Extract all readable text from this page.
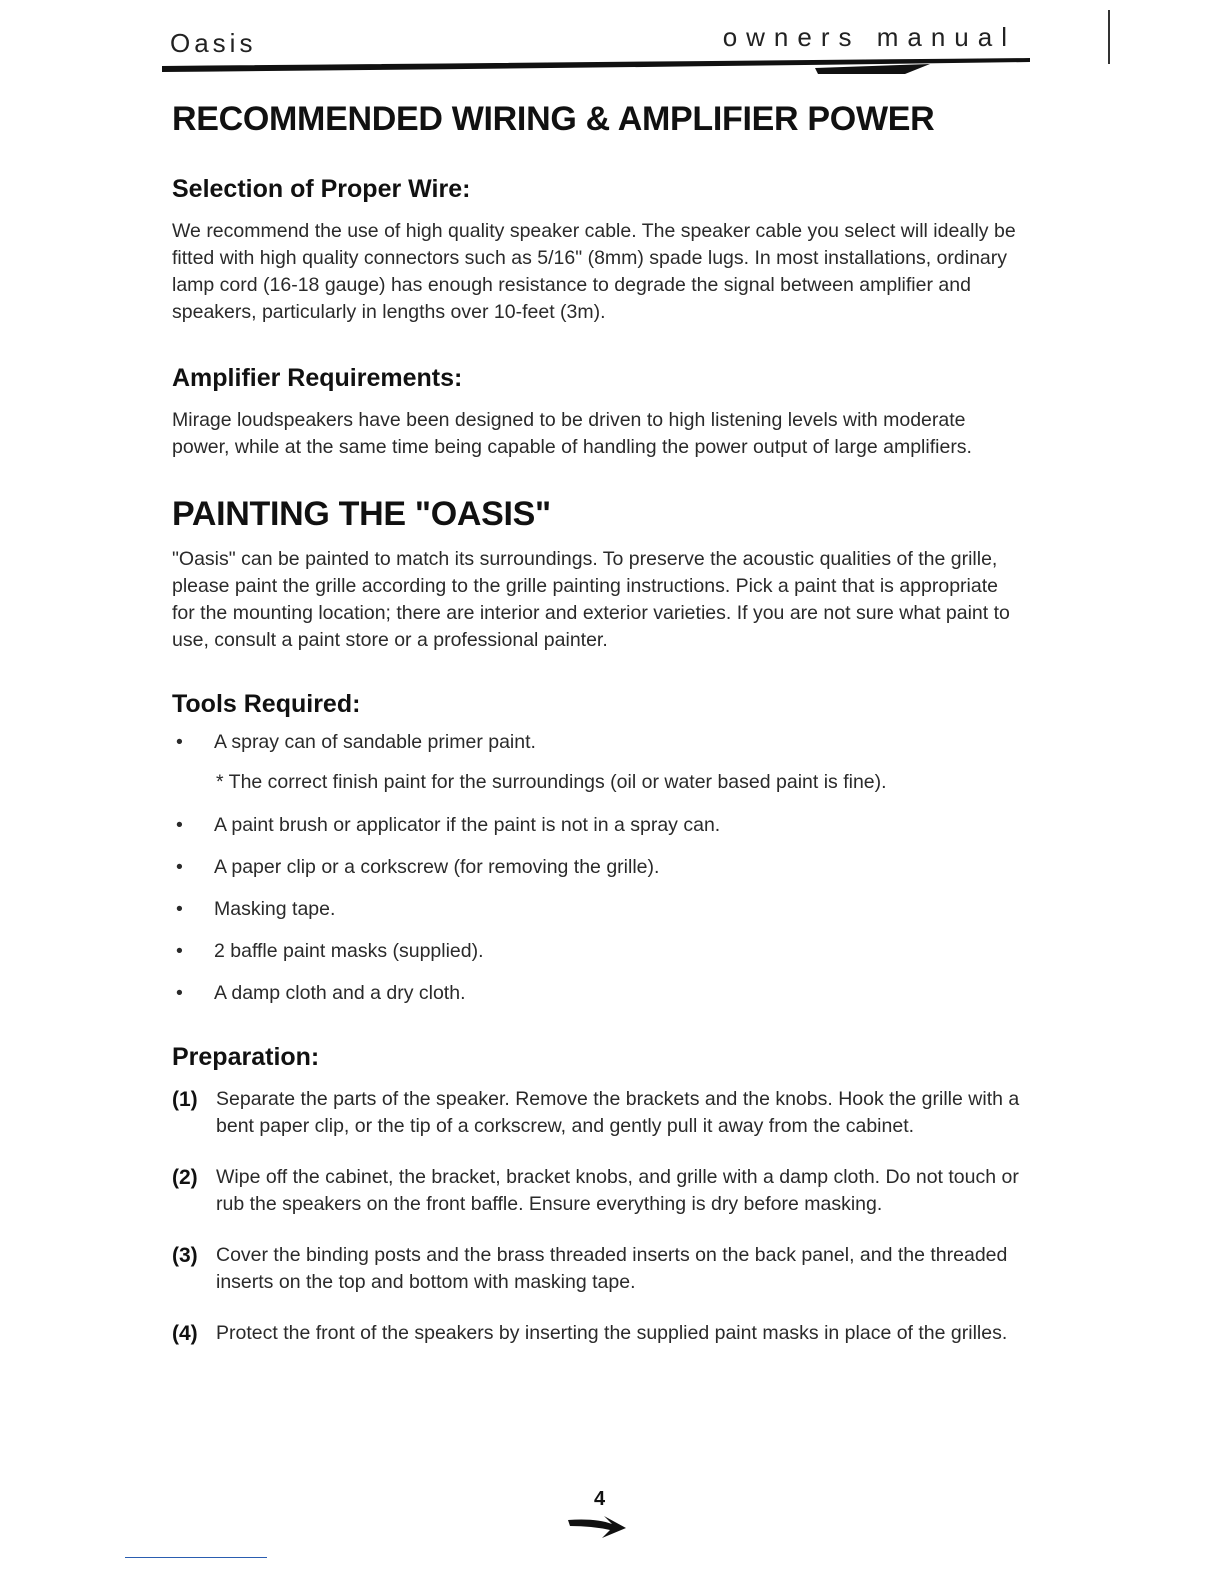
Oasis	owners manual
RECOMMENDED WIRING & AMPLIFIER POWER
Selection of Proper Wire:

We recommend the use of high quality speaker cable. The speaker cable you select will ideally be fitted with high quality connectors such as 5/16" (8mm) spade lugs. In most installations, ordinary lamp cord (16-18 gauge) has enough resistance to degrade the signal between amplifier and speakers, particularly in lengths over 10-feet (3m).

Amplifier Requirements:

Mirage loudspeakers have been designed to be driven to high listening levels with moderate power, while at the same time being capable of handling the power output of large amplifiers.

PAINTING THE "OASIS"

"Oasis" can be painted to match its surroundings. To preserve the acoustic qualities of the grille, please paint the grille according to the grille painting instructions. Pick a paint that is appropriate for the mounting location; there are interior and exterior varieties. If you are not sure what paint to use, consult a paint store or a professional painter.

Tools Required:
• A spray can of sandable primer paint.
* The correct finish paint for the surroundings (oil or water based paint is fine).
• A paint brush or applicator if the paint is not in a spray can.
• A paper clip or a corkscrew (for removing the grille).
• Masking tape.
• 2 baffle paint masks (supplied).
• A damp cloth and a dry cloth.
Preparation:
(1) Separate the parts of the speaker. Remove the brackets and the knobs. Hook the grille with a bent paper clip, or the tip of a corkscrew, and gently pull it away from the cabinet.
(2) Wipe off the cabinet, the bracket, bracket knobs, and grille with a damp cloth. Do not touch or rub the speakers on the front baffle. Ensure everything is dry before masking.
(3) Cover the binding posts and the brass threaded inserts on the back panel, and the threaded inserts on the top and bottom with masking tape.
(4) Protect the front of the speakers by inserting the supplied paint masks in place of the grilles.
4
